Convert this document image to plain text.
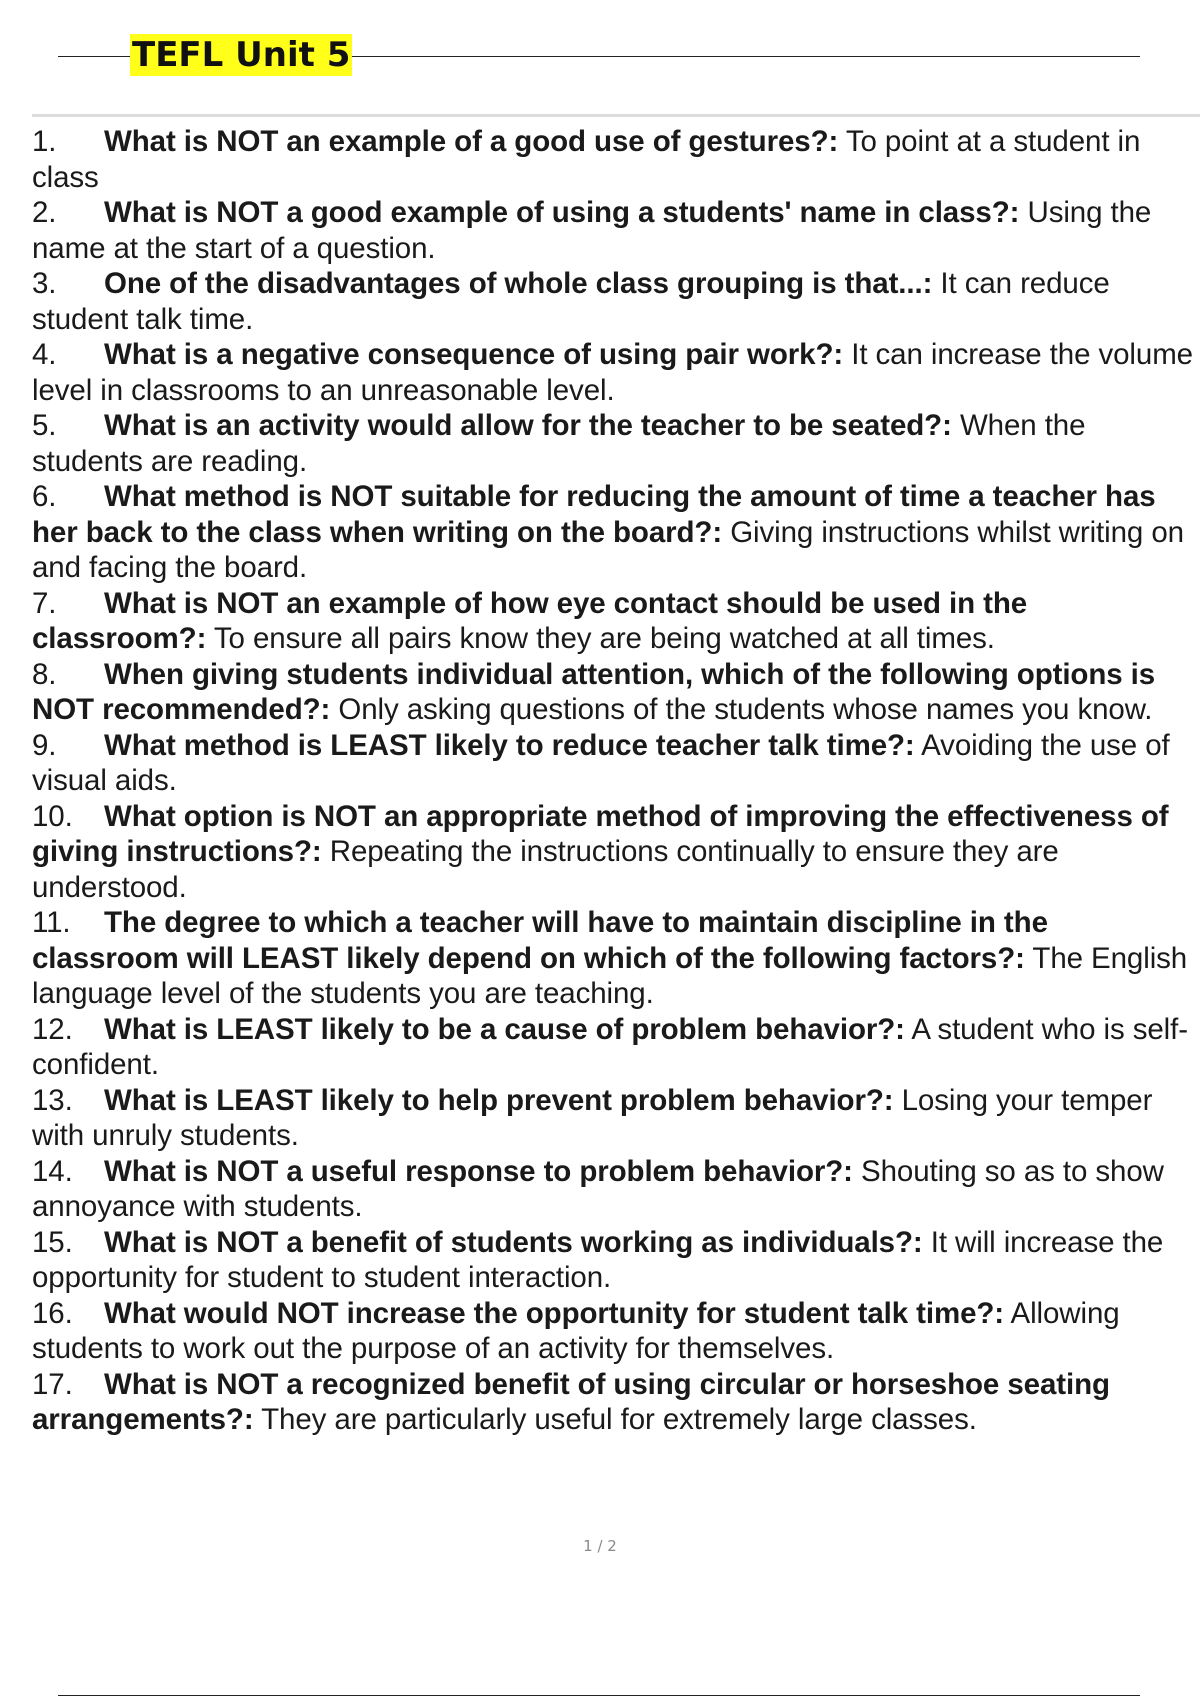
TEFL Unit 5
1. What is NOT an example of a good use of gestures?: To point at a student in class
2. What is NOT a good example of using a students' name in class?: Using the name at the start of a question.
3. One of the disadvantages of whole class grouping is that...: It can reduce student talk time.
4. What is a negative consequence of using pair work?: It can increase the volume level in classrooms to an unreasonable level.
5. What is an activity would allow for the teacher to be seated?: When the students are reading.
6. What method is NOT suitable for reducing the amount of time a teacher has her back to the class when writing on the board?: Giving instructions whilst writing on and facing the board.
7. What is NOT an example of how eye contact should be used in the classroom?: To ensure all pairs know they are being watched at all times.
8. When giving students individual attention, which of the following options is NOT recommended?: Only asking questions of the students whose names you know.
9. What method is LEAST likely to reduce teacher talk time?: Avoiding the use of visual aids.
10. What option is NOT an appropriate method of improving the effectiveness of giving instructions?: Repeating the instructions continually to ensure they are understood.
11. The degree to which a teacher will have to maintain discipline in the classroom will LEAST likely depend on which of the following factors?: The English language level of the students you are teaching.
12. What is LEAST likely to be a cause of problem behavior?: A student who is self-confident.
13. What is LEAST likely to help prevent problem behavior?: Losing your temper with unruly students.
14. What is NOT a useful response to problem behavior?: Shouting so as to show annoyance with students.
15. What is NOT a benefit of students working as individuals?: It will increase the opportunity for student to student interaction.
16. What would NOT increase the opportunity for student talk time?: Allowing students to work out the purpose of an activity for themselves.
17. What is NOT a recognized benefit of using circular or horseshoe seating arrangements?: They are particularly useful for extremely large classes.
1 / 2
